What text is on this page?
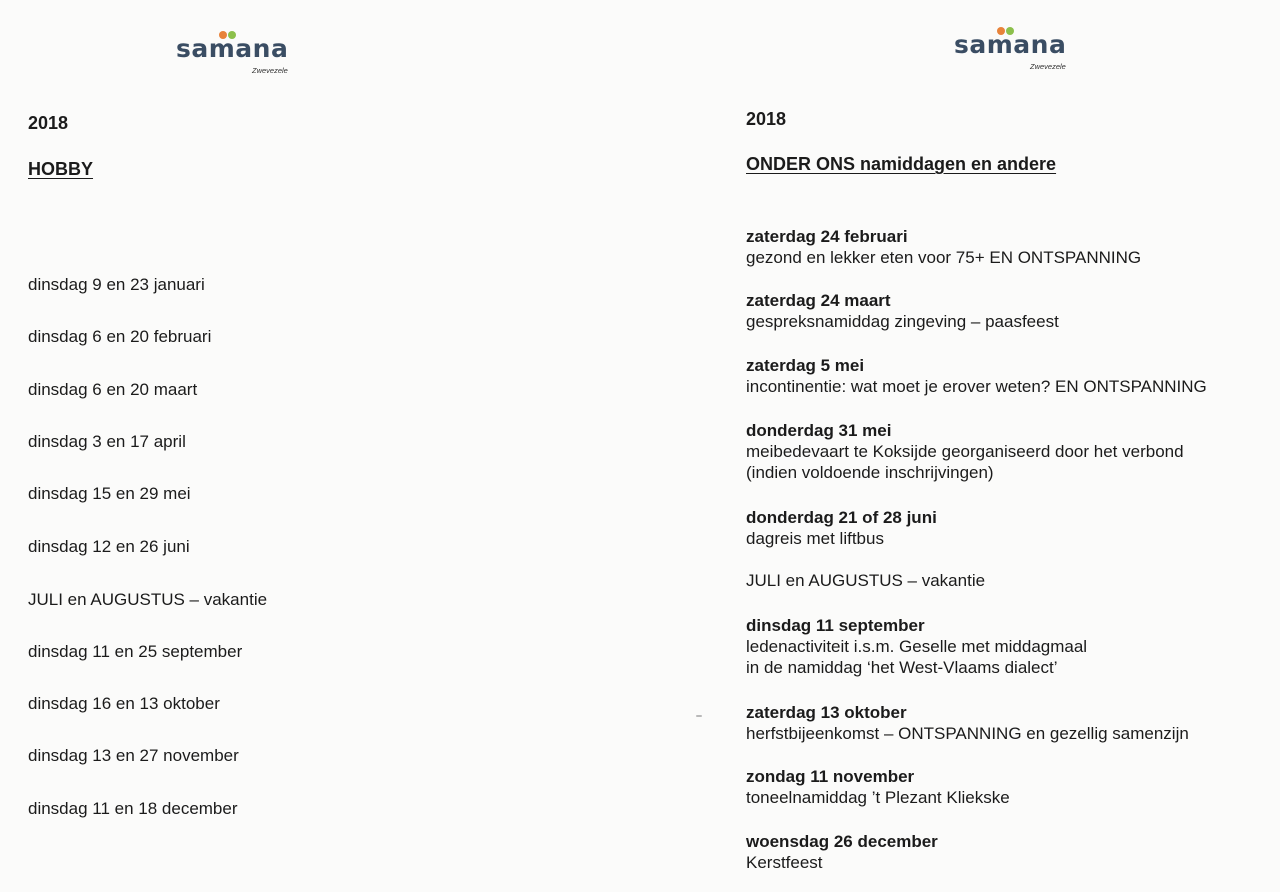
samana
Zwevezele
2018
HOBBY
dinsdag 9 en 23 januari
dinsdag 6 en 20 februari
dinsdag 6 en 20 maart
dinsdag 3 en 17 april
dinsdag 15 en 29 mei
dinsdag 12 en 26 juni
JULI en AUGUSTUS – vakantie
dinsdag 11 en 25 september
dinsdag 16 en 13 oktober
dinsdag 13 en 27 november
dinsdag 11 en 18 december
samana
Zwevezele
2018
ONDER ONS namiddagen en andere
zaterdag 24 februari
gezond en lekker eten voor 75+ EN ONTSPANNING
zaterdag 24 maart
gespreksnamiddag zingeving – paasfeest
zaterdag 5 mei
incontinentie: wat moet je erover weten? EN ONTSPANNING
donderdag 31 mei
meibedevaart te Koksijde georganiseerd door het verbond
(indien voldoende inschrijvingen)
donderdag 21 of 28 juni
dagreis met liftbus
JULI en AUGUSTUS – vakantie
dinsdag 11 september
ledenactiviteit i.s.m. Geselle met middagmaal
in de namiddag ‘het West-Vlaams dialect’
zaterdag 13 oktober
herfstbijeenkomst – ONTSPANNING en gezellig samenzijn
zondag 11 november
toneelnamiddag ’t Plezant Kliekske
woensdag 26 december
Kerstfeest
